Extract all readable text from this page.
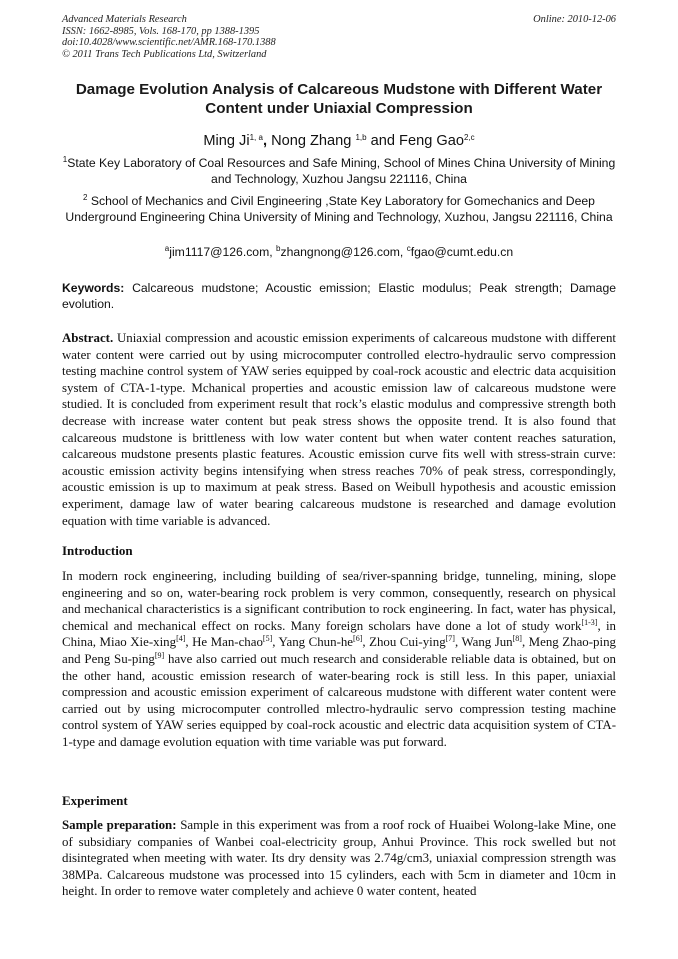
Advanced Materials Research
ISSN: 1662-8985, Vols. 168-170, pp 1388-1395
doi:10.4028/www.scientific.net/AMR.168-170.1388
© 2011 Trans Tech Publications Ltd, Switzerland
Online: 2010-12-06
Damage Evolution Analysis of Calcareous Mudstone with Different Water Content under Uniaxial Compression
Ming Ji$^{1, a}$, Nong Zhang $^{1,b}$ and Feng Gao$^{2,c}$
$^1$State Key Laboratory of Coal Resources and Safe Mining, School of Mines China University of Mining and Technology, Xuzhou Jangsu 221116, China
$^2$ School of Mechanics and Civil Engineering ,State Key Laboratory for Gomechanics and Deep Underground Engineering China University of Mining and Technology, Xuzhou, Jangsu 221116, China
$^a$jim1117@126.com, $^b$zhangnong@126.com, $^c$fgao@cumt.edu.cn
Keywords: Calcareous mudstone; Acoustic emission; Elastic modulus; Peak strength; Damage evolution.
Abstract. Uniaxial compression and acoustic emission experiments of calcareous mudstone with different water content were carried out by using microcomputer controlled electro-hydraulic servo compression testing machine control system of YAW series equipped by coal-rock acoustic and electric data acquisition system of CTA-1-type. Mchanical properties and acoustic emission law of calcareous mudstone were studied. It is concluded from experiment result that rock’s elastic modulus and compressive strength both decrease with increase water content but peak stress shows the opposite trend. It is also found that calcareous mudstone is brittleness with low water content but when water content reaches saturation, calcareous mudstone presents plastic features. Acoustic emission curve fits well with stress-strain curve: acoustic emission activity begins intensifying when stress reaches 70% of peak stress, correspondingly, acoustic emission is up to maximum at peak stress. Based on Weibull hypothesis and acoustic emission experiment, damage law of water bearing calcareous mudstone is researched and damage evolution equation with time variable is advanced.
Introduction
In modern rock engineering, including building of sea/river-spanning bridge, tunneling, mining, slope engineering and so on, water-bearing rock problem is very common, consequently, research on physical and mechanical characteristics is a significant contribution to rock engineering. In fact, water has physical, chemical and mechanical effect on rocks. Many foreign scholars have done a lot of study work[1-3], in China, Miao Xie-xing[4], He Man-chao[5], Yang Chun-he[6], Zhou Cui-ying[7], Wang Jun[8], Meng Zhao-ping and Peng Su-ping[9] have also carried out much research and considerable reliable data is obtained, but on the other hand, acoustic emission research of water-bearing rock is still less. In this paper, uniaxial compression and acoustic emission experiment of calcareous mudstone with different water content were carried out by using microcomputer controlled mlectro-hydraulic servo compression testing machine control system of YAW series equipped by coal-rock acoustic and electric data acquisition system of CTA-1-type and damage evolution equation with time variable was put forward.
Experiment
Sample preparation: Sample in this experiment was from a roof rock of Huaibei Wolong-lake Mine, one of subsidiary companies of Wanbei coal-electricity group, Anhui Province. This rock swelled but not disintegrated when meeting with water. Its dry density was 2.74g/cm3, uniaxial compression strength was 38MPa. Calcareous mudstone was processed into 15 cylinders, each with 5cm in diameter and 10cm in height. In order to remove water completely and achieve 0 water content, heated
